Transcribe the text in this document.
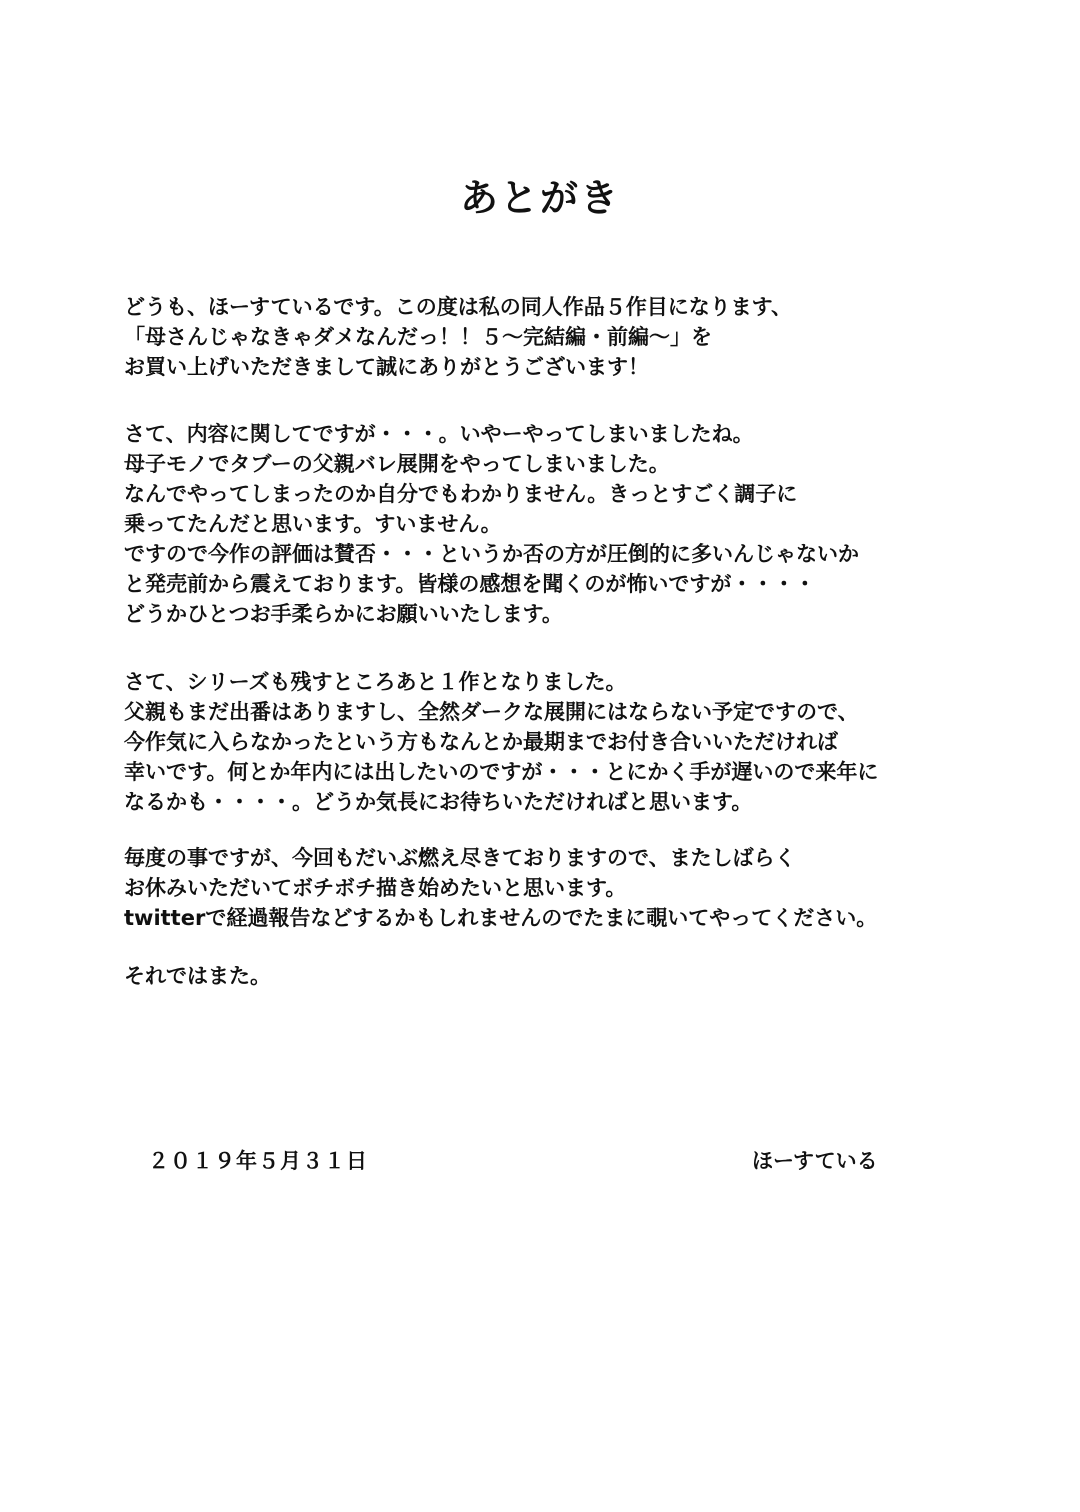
あとがき
どうも、ほーすているです。この度は私の同人作品５作目になります、
「母さんじゃなきゃダメなんだっ！！５～完結編・前編～」を
お買い上げいただきまして誠にありがとうございます！
さて、内容に関してですが・・・。いやーやってしまいましたね。
母子モノでタブーの父親バレ展開をやってしまいました。
なんでやってしまったのか自分でもわかりません。きっとすごく調子に
乗ってたんだと思います。すいません。
ですので今作の評価は賛否・・・というか否の方が圧倒的に多いんじゃないか
と発売前から震えております。皆様の感想を聞くのが怖いですが・・・・
どうかひとつお手柔らかにお願いいたします。
さて、シリーズも残すところあと１作となりました。
父親もまだ出番はありますし、全然ダークな展開にはならない予定ですので、
今作気に入らなかったという方もなんとか最期までお付き合いいただければ
幸いです。何とか年内には出したいのですが・・・とにかく手が遅いので来年に
なるかも・・・・。どうか気長にお待ちいただければと思います。
毎度の事ですが、今回もだいぶ燃え尽きておりますので、またしばらく
お休みいただいてボチボチ描き始めたいと思います。
twitterで経過報告などするかもしれませんのでたまに覗いてやってください。
それではまた。
２０１９年５月３１日	ほーすている
